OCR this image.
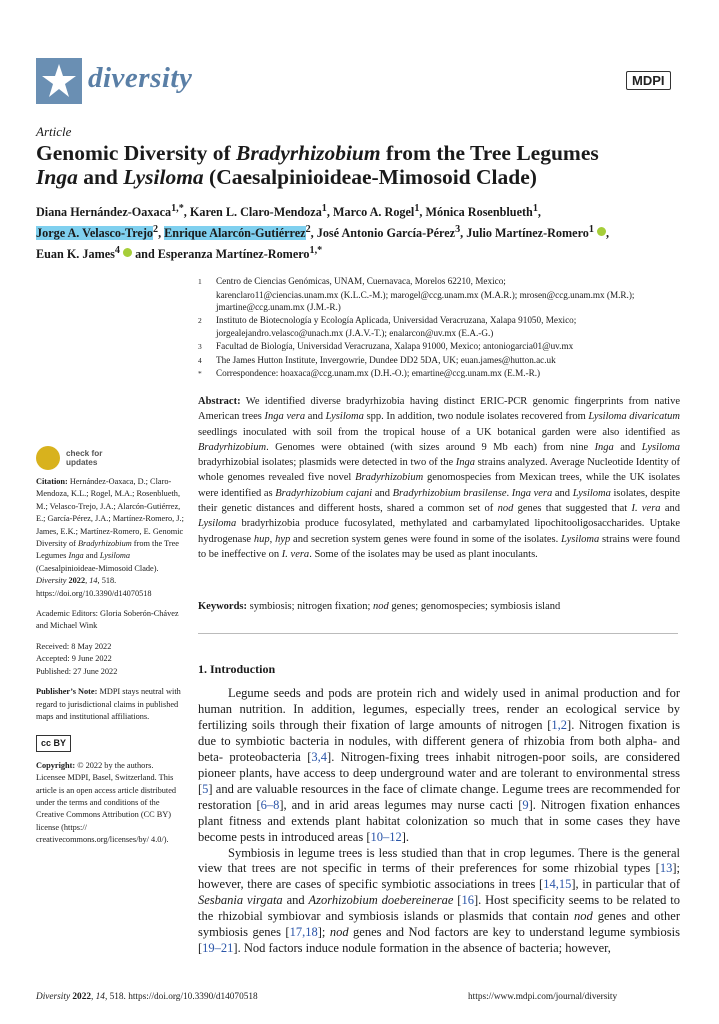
diversity	MDPI
Article
Genomic Diversity of Bradyrhizobium from the Tree Legumes
Inga and Lysiloma (Caesalpinioideae-Mimosoid Clade)
Diana Hernández-Oaxaca$^{1,*}$, Karen L. Claro-Mendoza$^1$, Marco A. Rogel$^1$, Mónica Rosenblueth$^1$,
Jorge A. Velasco-Trejo$^2$, Enrique Alarcón-Gutiérrez$^2$, José Antonio García-Pérez$^3$, Julio Martínez-Romero$^1$ ,
Euan K. James$^4$  and Esperanza Martínez-Romero$^{1,*}$
1	Centro de Ciencias Genómicas, UNAM, Cuernavaca, Morelos 62210, Mexico;
karenclaro11@ciencias.unam.mx (K.L.C.-M.); marogel@ccg.unam.mx (M.A.R.); mrosen@ccg.unam.mx (M.R.);
jmartine@ccg.unam.mx (J.M.-R.)
2	Instituto de Biotecnología y Ecología Aplicada, Universidad Veracruzana, Xalapa 91050, Mexico;
jorgealejandro.velasco@unach.mx (J.A.V.-T.); enalarcon@uv.mx (E.A.-G.)
3	Facultad de Biología, Universidad Veracruzana, Xalapa 91000, Mexico; antoniogarcia01@uv.mx
4	The James Hutton Institute, Invergowrie, Dundee DD2 5DA, UK; euan.james@hutton.ac.uk
*	Correspondence: hoaxaca@ccg.unam.mx (D.H.-O.); emartine@ccg.unam.mx (E.M.-R.)
Abstract: We identified diverse bradyrhizobia having distinct ERIC-PCR genomic fingerprints from native American trees Inga vera and Lysiloma spp. In addition, two nodule isolates recovered from Lysiloma divaricatum seedlings inoculated with soil from the tropical house of a UK botanical garden were also identified as Bradyrhizobium. Genomes were obtained (with sizes around 9 Mb each) from nine Inga and Lysiloma bradyrhizobial isolates; plasmids were detected in two of the Inga strains analyzed. Average Nucleotide Identity of whole genomes revealed five novel Bradyrhizobium genomospecies from Mexican trees, while the UK isolates were identified as Bradyrhizobium cajani and Bradyrhizobium brasilense. Inga vera and Lysiloma isolates, despite their genetic distances and different hosts, shared a common set of nod genes that suggested that I. vera and Lysiloma bradyrhizobia produce fucosylated, methylated and carbamylated lipochitooligosaccharides. Uptake hydrogenase hup, hyp and secretion system genes were found in some of the isolates. Lysiloma strains were found to be ineffective on I. vera. Some of the isolates may be used as plant inoculants.
Keywords: symbiosis; nitrogen fixation; nod genes; genomospecies; symbiosis island
1. Introduction

Legume seeds and pods are protein rich and widely used in animal production and for human nutrition. In addition, legumes, especially trees, render an ecological service by fertilizing soils through their fixation of large amounts of nitrogen [1,2]. Nitrogen fixation is due to symbiotic bacteria in nodules, with different genera of rhizobia from both alpha- and beta- proteobacteria [3,4]. Nitrogen-fixing trees inhabit nitrogen-poor soils, are considered pioneer plants, have access to deep underground water and are tolerant to environmental stress [5] and are valuable resources in the face of climate change. Legume trees are recommended for restoration [6–8], and in arid areas legumes may nurse cacti [9]. Nitrogen fixation enhances plant fitness and extends plant habitat colonization so much that in some cases they have become pests in introduced areas [10–12].

Symbiosis in legume trees is less studied than that in crop legumes. There is the general view that trees are not specific in terms of their preferences for some rhizobial types [13]; however, there are cases of specific symbiotic associations in trees [14,15], in particular that of Sesbania virgata and Azorhizobium doebereinerae [16]. Host specificity seems to be related to the rhizobial symbiovar and symbiosis islands or plasmids that contain nod genes and other symbiosis genes [17,18]; nod genes and Nod factors are key to understand legume symbiosis [19–21]. Nod factors induce nodule formation in the absence of bacteria; however,

check for
updates
Citation: Hernández-Oaxaca, D.; Claro-Mendoza, K.L.; Rogel, M.A.; Rosenblueth, M.; Velasco-Trejo, J.A.; Alarcón-Gutiérrez, E.; García-Pérez, J.A.; Martínez-Romero, J.; James, E.K.; Martínez-Romero, E. Genomic Diversity of Bradyrhizobium from the Tree Legumes Inga and Lysiloma (Caesalpinioideae-Mimosoid Clade). Diversity 2022, 14, 518. https://doi.org/10.3390/d14070518
Academic Editors: Gloria Soberón-Chávez and Michael Wink
Received: 8 May 2022
Accepted: 9 June 2022
Published: 27 June 2022
Publisher’s Note: MDPI stays neutral with regard to jurisdictional claims in published maps and institutional affiliations.
cc BY
Copyright: © 2022 by the authors. Licensee MDPI, Basel, Switzerland. This article is an open access article distributed under the terms and conditions of the Creative Commons Attribution (CC BY) license (https:// creativecommons.org/licenses/by/ 4.0/).
Diversity 2022, 14, 518. https://doi.org/10.3390/d14070518	https://www.mdpi.com/journal/diversity
